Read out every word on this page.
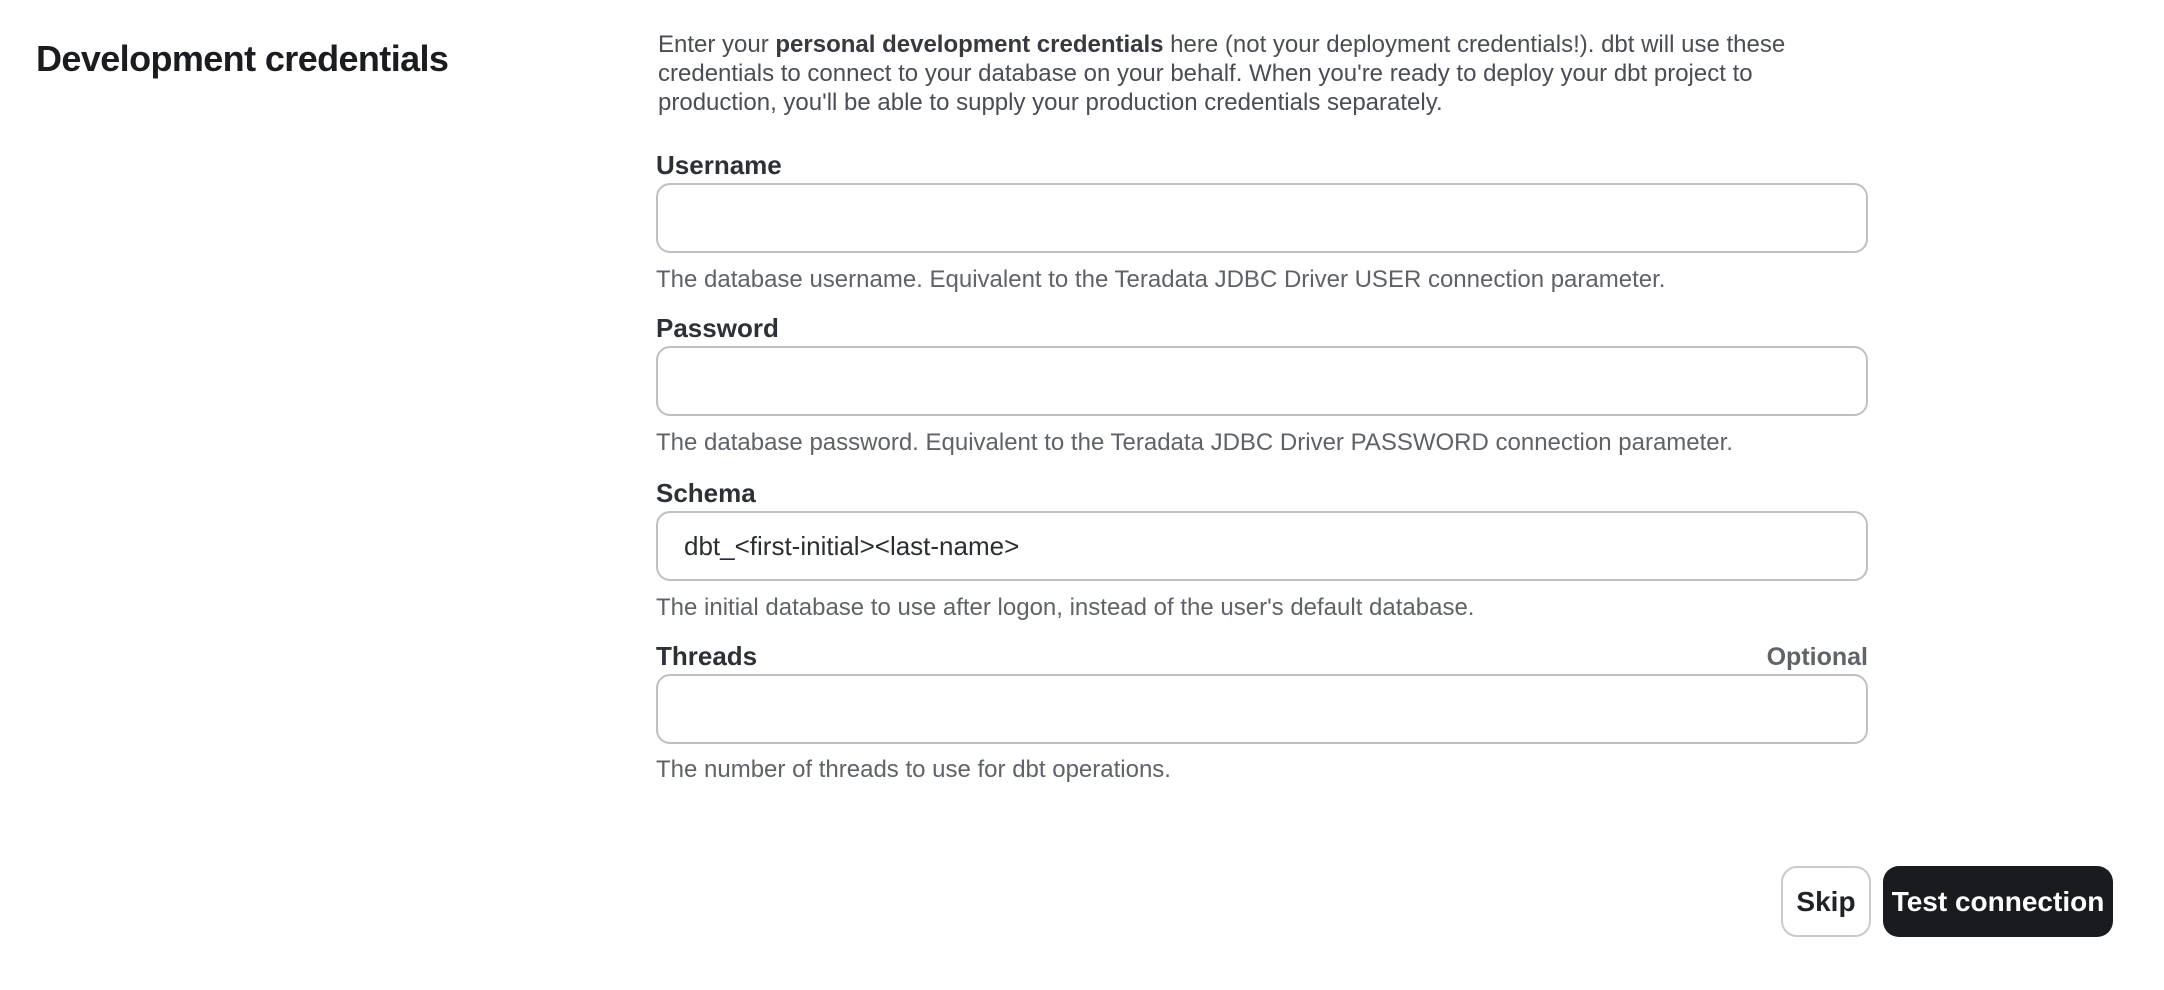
Development credentials	Enter your personal development credentials here (not your deployment credentials!). dbt will use these
credentials to connect to your database on your behalf. When you're ready to deploy your dbt project to
production, you'll be able to supply your production credentials separately.

Username
The database username. Equivalent to the Teradata JDBC Driver USER connection parameter.
Password
The database password. Equivalent to the Teradata JDBC Driver PASSWORD connection parameter.
Schema
dbt_<first-initial><last-name>
The initial database to use after logon, instead of the user's default database.
Threads	Optional
The number of threads to use for dbt operations.
Skip	Test connection
